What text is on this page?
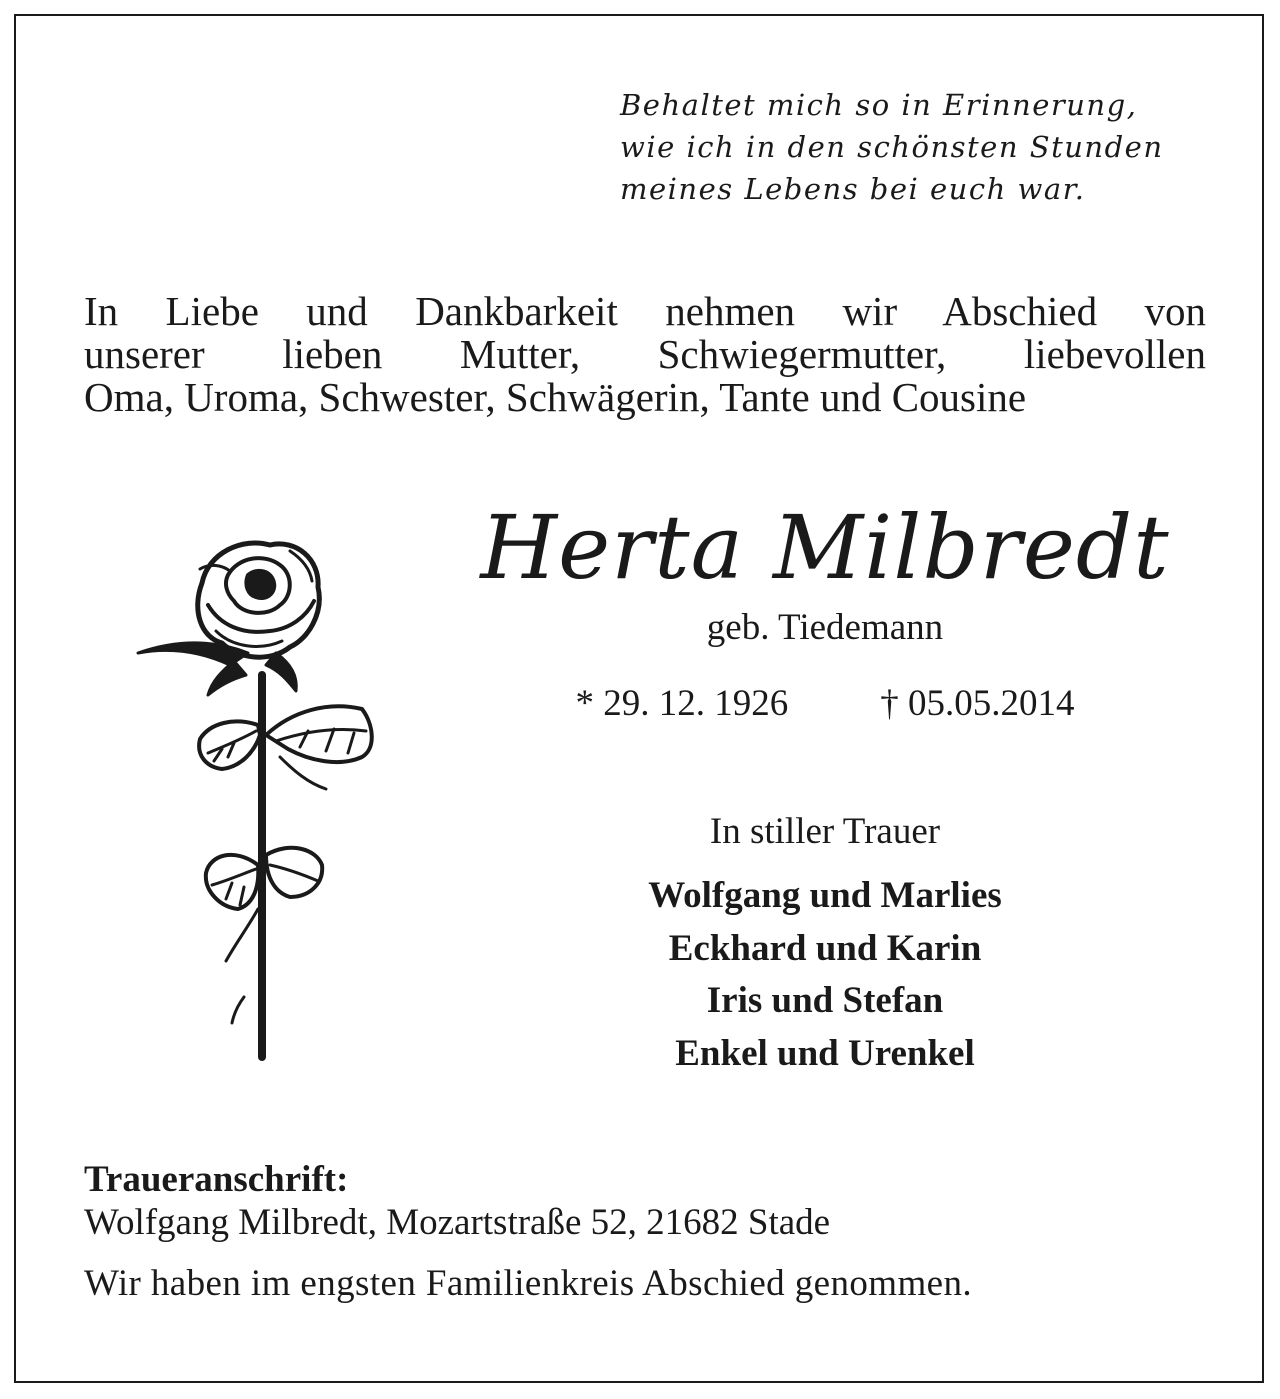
Behaltet mich so in Erinnerung,
wie ich in den schönsten Stunden
meines Lebens bei euch war.

In Liebe und Dankbarkeit nehmen wir Abschied von
unserer lieben Mutter, Schwiegermutter, liebevollen
Oma, Uroma, Schwester, Schwägerin, Tante und Cousine

Herta Milbredt

geb. Tiedemann

* 29. 12. 1926 † 05.05.2014

In stiller Trauer

Wolfgang und Marlies
Eckhard und Karin
Iris und Stefan
Enkel und Urenkel

Traueranschrift:
Wolfgang Milbredt, Mozartstraße 52, 21682 Stade

Wir haben im engsten Familienkreis Abschied genommen.
